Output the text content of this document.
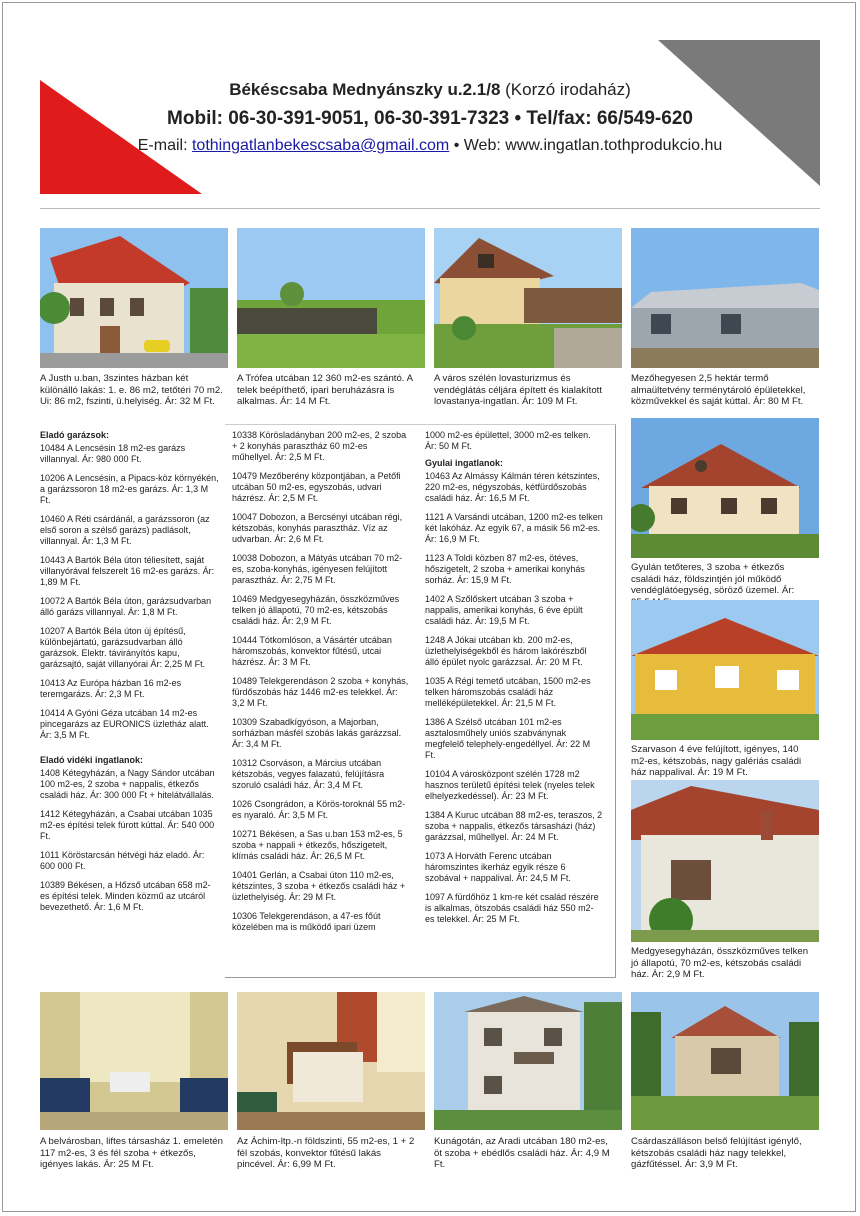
Békéscsaba Mednyánszky u.2.1/8 (Korzó irodaház)
Mobil: 06-30-391-9051, 06-30-391-7323 • Tel/fax: 66/549-620
E-mail: tothingatlanbekescsaba@gmail.com • Web: www.ingatlan.tothprodukcio.hu
A Justh u.ban, 3szintes házban két különálló lakás: 1. e. 86 m2, tetőtéri 70 m2. Ui: 86 m2, fszinti, ü.helyiség. Ár: 32 M Ft.
A Trófea utcában 12 360 m2-es szántó. A telek beépíthető, ipari beruházásra is alkalmas. Ár: 14 M Ft.
A város szélén lovasturizmus és vendéglátás céljára épített és kialakított lovastanya-ingatlan. Ár: 109 M Ft.
Mezőhegyesen 2,5 hektár termő almaültetvény terménytároló épületekkel, közművekkel és saját kúttal. Ár: 80 M Ft.
Eladó garázsok:

10484 A Lencsésin 18 m2-es garázs villannyal. Ár: 980 000 Ft.

10206 A Lencsésin, a Pipacs-köz környékén, a garázssoron 18 m2-es garázs. Ár: 1,3 M Ft.

10460 A Réti csárdánál, a garázssoron (az első soron a szélső garázs) padlásolt, villannyal. Ár: 1,3 M Ft.

10443 A Bartók Béla úton téliesített, saját villanyórával felszerelt 16 m2-es garázs. Ár: 1,89 M Ft.

10072 A Bartók Béla úton, garázsudvarban álló garázs villannyal. Ár: 1,8 M Ft.

10207 A Bartók Béla úton új építésű, különbejártatú, garázsudvarban álló garázsok. Elektr. távirányítós kapu, garázsajtó, saját villanyórai Ár: 2,25 M Ft.

10413 Az Európa házban 16 m2-es teremgarázs. Ár: 2,3 M Ft.

10414 A Gyóni Géza utcában 14 m2-es pincegarázs az EURONICS üzletház alatt. Ár: 3,5 M Ft.

Eladó vidéki ingatlanok:

1408 Kétegyházán, a Nagy Sándor utcában 100 m2-es, 2 szoba + nappalis, étkezős családi ház. Ár: 300 000 Ft + hitelátvállalás.

1412 Kétegyházán, a Csabai utcában 1035 m2-es építési telek fúrott kúttal. Ár: 540 000 Ft.

1011 Köröstarcsán hétvégi ház eladó. Ár: 600 000 Ft.

10389 Békésen, a Hőzső utcában 658 m2-es építési telek. Minden közmű az utcáról bevezethető. Ár: 1,6 M Ft.

10338 Körösladányban 200 m2-es, 2 szoba + 2 konyhás parasztház 60 m2-es műhellyel. Ár: 2,5 M Ft.

10479 Mezőberény központjában, a Petőfi utcában 50 m2-es, egyszobás, udvari házrész. Ár: 2,5 M Ft.

10047 Dobozon, a Bercsényi utcában régi, kétszobás, konyhás parasztház. Víz az udvarban. Ár: 2,6 M Ft.

10038 Dobozon, a Mátyás utcában 70 m2-es, szoba-konyhás, igényesen felújított parasztház. Ár: 2,75 M Ft.

10469 Medgyesegyházán, összközműves telken jó állapotú, 70 m2-es, kétszobás családi ház. Ár: 2,9 M Ft.

10444 Tótkomlóson, a Vásártér utcában háromszobás, konvektor fűtésű, utcai házrész. Ár: 3 M Ft.

10489 Telekgerendáson 2 szoba + konyhás, fürdőszobás ház 1446 m2-es telekkel. Ár: 3,2 M Ft.

10309 Szabadkígyóson, a Majorban, sorházban másfél szobás lakás garázzsal. Ár: 3,4 M Ft.

10312 Csorváson, a Március utcában kétszobás, vegyes falazatú, felújításra szoruló családi ház. Ár: 3,4 M Ft.

1026 Csongrádon, a Körös-toroknál 55 m2-es nyaraló. Ár: 3,5 M Ft.

10271 Békésen, a Sas u.ban 153 m2-es, 5 szoba + nappali + étkezős, hőszigetelt, klímás családi ház. Ár: 26,5 M Ft.

10401 Gerlán, a Csabai úton 110 m2-es, kétszintes, 3 szoba + étkezős családi ház + üzlethelyiség. Ár: 29 M Ft.

10306 Telekgerendáson, a 47-es főút közelében ma is működő ipari üzem

1000 m2-es épülettel, 3000 m2-es telken. Ár: 50 M Ft.

Gyulai ingatlanok:

10463 Az Almássy Kálmán téren kétszintes, 220 m2-es, négyszobás, kétfürdőszobás családi ház. Ár: 16,5 M Ft.

1121 A Varsándi utcában, 1200 m2-es telken két lakóház. Az egyik 67, a másik 56 m2-es. Ár: 16,9 M Ft.

1123 A Toldi közben 87 m2-es, ötéves, hőszigetelt, 2 szoba + amerikai konyhás sorház. Ár: 15,9 M Ft.

1402 A Szőlőskert utcában 3 szoba + nappalis, amerikai konyhás, 6 éve épült családi ház. Ár: 19,5 M Ft.

1248 A Jókai utcában kb. 200 m2-es, üzlethelyiségekből és három lakórészből álló épület nyolc garázzsal. Ár: 20 M Ft.

1035 A Régi temető utcában, 1500 m2-es telken háromszobás családi ház melléképületekkel. Ár: 21,5 M Ft.

1386 A Szélső utcában 101 m2-es asztalosműhely uniós szabványnak megfelelő telephely-engedéllyel. Ár: 22 M Ft.

10104 A városközpont szélén 1728 m2 hasznos területű építési telek (nyeles telek elhelyezkedéssel). Ár: 23 M Ft.

1384 A Kuruc utcában 88 m2-es, teraszos, 2 szoba + nappalis, étkezős társasházi (ház) garázzsal, műhellyel. Ár: 24 M Ft.

1073 A Horváth Ferenc utcában háromszintes ikerház egyik része 6 szobával + nappalival. Ár: 24,5 M Ft.

1097 A fürdőhöz 1 km-re két család részére is alkalmas, ötszobás családi ház 550 m2-es telekkel. Ár: 25 M Ft.

Gyulán tetőteres, 3 szoba + étkezős családi ház, földszintjén jól működő vendéglátóegység, söröző üzemel. Ár:
Szarvason 4 éve felújított, igényes, 140 m2-es, kétszobás, nagy galériás családi ház nappalival. Ár: 19 M Ft.
Medgyesegyházán, összközműves telken jó állapotú, 70 m2-es, kétszobás családi ház. Ár: 2,9 M Ft.
A belvárosban, liftes társasház 1. emeletén 117 m2-es, 3 és fél szoba + étkezős, igényes lakás. Ár: 25 M Ft.
Az Áchim-ltp.-n földszinti, 55 m2-es, 1 + 2 fél szobás, konvektor fűtésű lakás pincével. Ár: 6,99 M Ft.
Kunágotán, az Aradi utcában 180 m2-es, öt szoba + ebédlős családi ház. Ár: 4,9 M Ft.
Csárdaszálláson belső felújítást igénylő, kétszobás családi ház nagy telekkel, gázfűtéssel. Ár: 3,9 M Ft.
